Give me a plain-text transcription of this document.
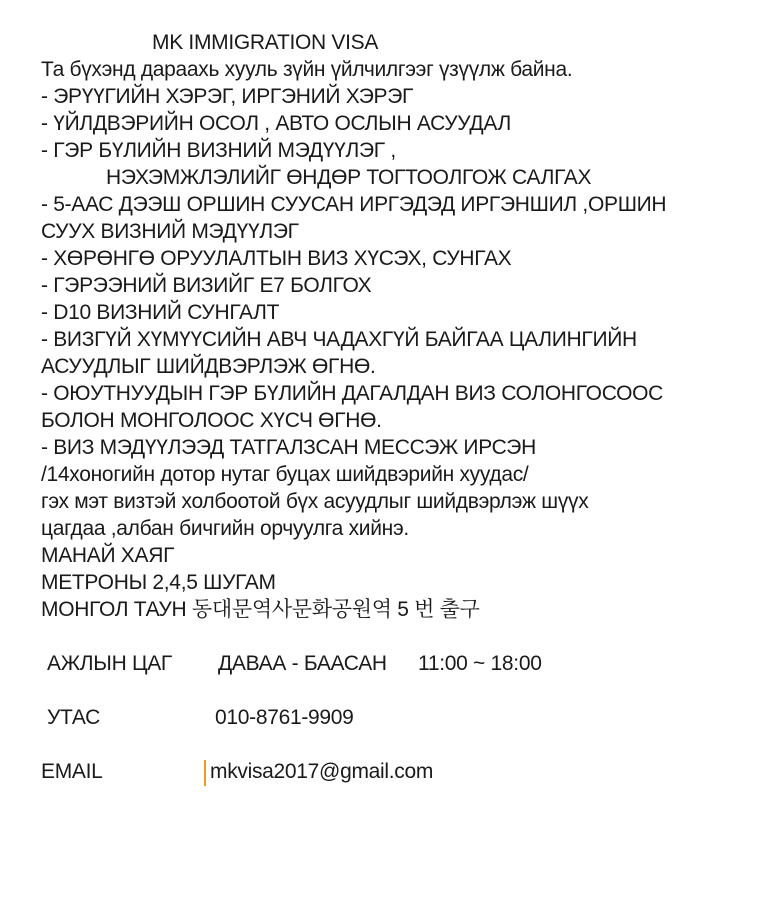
MK IMMIGRATION VISA
Та бүхэнд дараахь хууль зүйн үйлчилгээг үзүүлж байна.
- ЭРҮҮГИЙН ХЭРЭГ, ИРГЭНИЙ ХЭРЭГ
- ҮЙЛДВЭРИЙН ОСОЛ , АВТО ОСЛЫН АСУУДАЛ
- ГЭР БҮЛИЙН ВИЗНИЙ МЭДҮҮЛЭГ ,
НЭХЭМЖЛЭЛИЙГ ӨНДӨР ТОГТООЛГОЖ САЛГАХ
- 5-ААС ДЭЭШ ОРШИН СУУСАН ИРГЭДЭД ИРГЭНШИЛ ,ОРШИН
СУУХ ВИЗНИЙ МЭДҮҮЛЭГ
- ХӨРӨНГӨ ОРУУЛАЛТЫН ВИЗ ХҮСЭХ, СУНГАХ
- ГЭРЭЭНИЙ ВИЗИЙГ Е7 БОЛГОХ
- D10 ВИЗНИЙ СУНГАЛТ
- ВИЗГҮЙ ХҮМҮҮСИЙН АВЧ ЧАДАХГҮЙ БАЙГАА ЦАЛИНГИЙН
АСУУДЛЫГ ШИЙДВЭРЛЭЖ ӨГНӨ.
- ОЮУТНУУДЫН ГЭР БҮЛИЙН ДАГАЛДАН ВИЗ СОЛОНГОСООС
БОЛОН МОНГОЛООС ХҮСЧ ӨГНӨ.
- ВИЗ МЭДҮҮЛЭЭД ТАТГАЛЗСАН МЕССЭЖ ИРСЭН
/14хоногийн дотор нутаг буцах шийдвэрийн хуудас/
гэх мэт визтэй холбоотой бүх асуудлыг шийдвэрлэж шүүх
цагдаа ,албан бичгийн орчуулга хийнэ.
МАНАЙ ХАЯГ
МЕТРОНЫ 2,4,5 ШУГАМ
МОНГОЛ ТАУН 동대문역사문화공원역 5 번 출구
АЖЛЫН ЦАГ ДАВАА - БААСАН 11:00 ~ 18:00
УТАС	010-8761-9909
EMAIL	mkvisa2017@gmail.com
